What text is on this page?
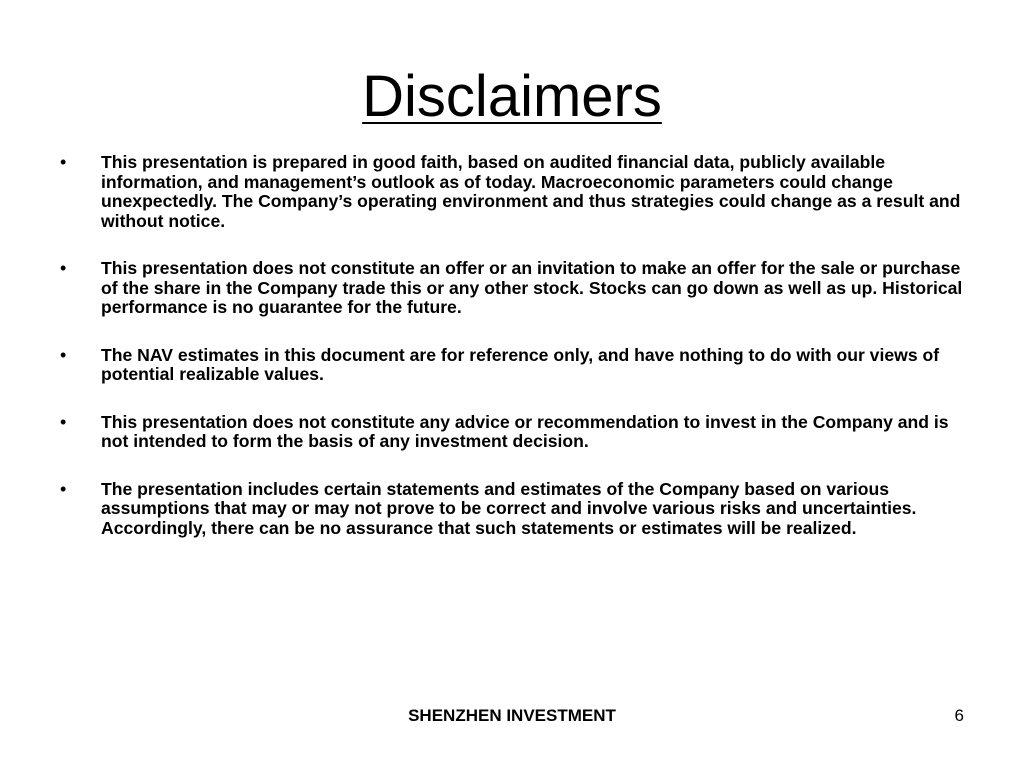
Disclaimers
• This presentation is prepared in good faith, based on audited financial data, publicly available information, and management’s outlook as of today. Macroeconomic parameters could change unexpectedly. The Company’s operating environment and thus strategies could change as a result and without notice.
• This presentation does not constitute an offer or an invitation to make an offer for the sale or purchase of the share in the Company trade this or any other stock. Stocks can go down as well as up. Historical performance is no guarantee for the future.
• The NAV estimates in this document are for reference only, and have nothing to do with our views of potential realizable values.
• This presentation does not constitute any advice or recommendation to invest in the Company and is not intended to form the basis of any investment decision.
• The presentation includes certain statements and estimates of the Company based on various assumptions that may or may not prove to be correct and involve various risks and uncertainties. Accordingly, there can be no assurance that such statements or estimates will be realized.
SHENZHEN INVESTMENT	6
